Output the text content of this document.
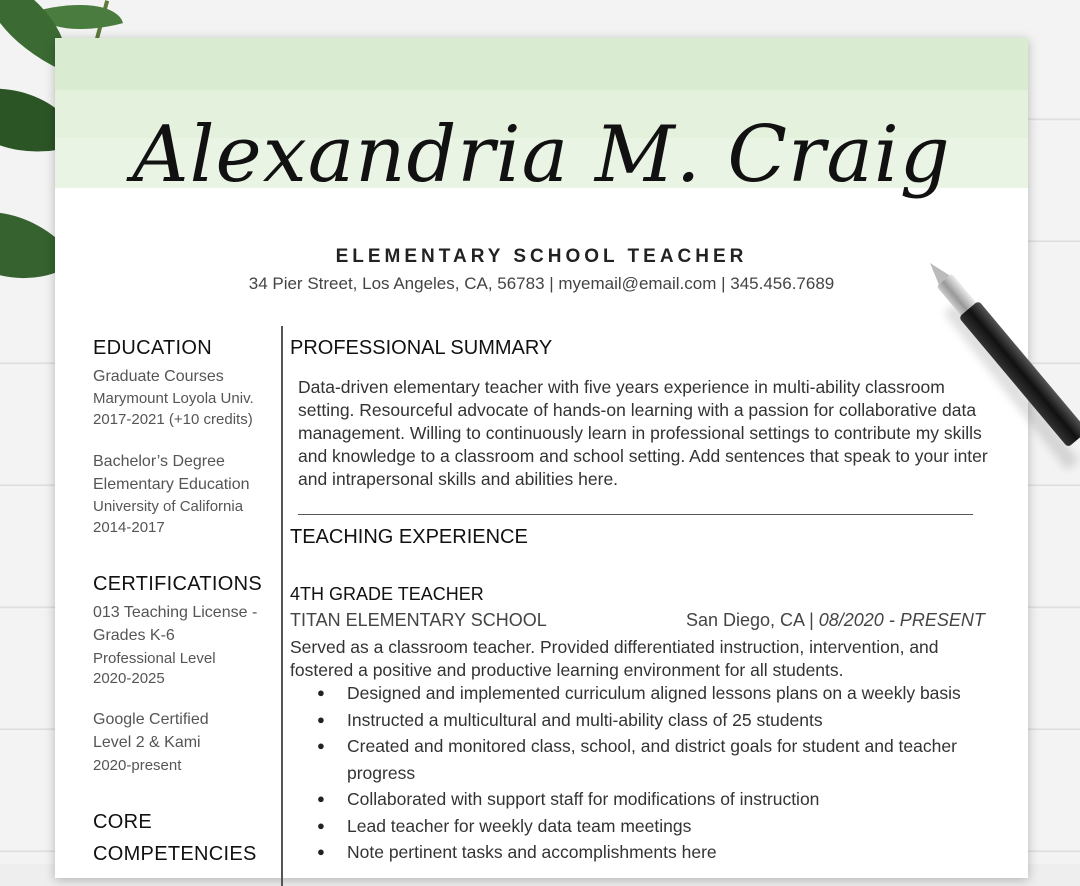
Alexandria M. Craig
ELEMENTARY SCHOOL TEACHER
34 Pier Street, Los Angeles, CA, 56783 | myemail@email.com | 345.456.7689
EDUCATION
Graduate Courses
Marymount Loyola Univ.
2017-2021 (+10 credits)
Bachelor’s Degree
Elementary Education
University of California
2014-2017
CERTIFICATIONS
013 Teaching License -
Grades K-6
Professional Level
2020-2025
Google Certified
Level 2 & Kami
2020-present
CORE
COMPETENCIES
PROFESSIONAL SUMMARY
Data-driven elementary teacher with five years experience in multi-ability classroom setting. Resourceful advocate of hands-on learning with a passion for collaborative data management. Willing to continuously learn in professional settings to contribute my skills and knowledge to a classroom and school setting. Add sentences that speak to your inter and intrapersonal skills and abilities here.
TEACHING EXPERIENCE
4TH GRADE TEACHER
TITAN ELEMENTARY SCHOOL	San Diego, CA | 08/2020 - PRESENT
Served as a classroom teacher. Provided differentiated instruction, intervention, and fostered a positive and productive learning environment for all students.
● Designed and implemented curriculum aligned lessons plans on a weekly basis
● Instructed a multicultural and multi-ability class of 25 students
● Created and monitored class, school, and district goals for student and teacher progress
● Collaborated with support staff for modifications of instruction
● Lead teacher for weekly data team meetings
● Note pertinent tasks and accomplishments here
